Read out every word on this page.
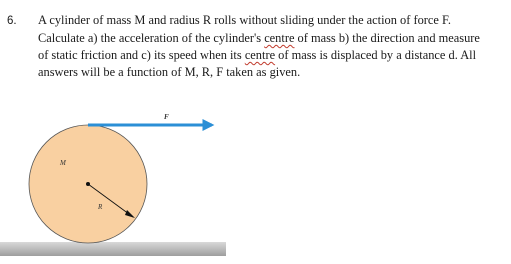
6. A cylinder of mass M and radius R rolls without sliding under the action of force F.
Calculate a) the acceleration of the cylinder's centre of mass b) the direction and measure
of static friction and c) its speed when its centre of mass is displaced by a distance d. All
answers will be a function of M, R, F taken as given.
F
M
R
